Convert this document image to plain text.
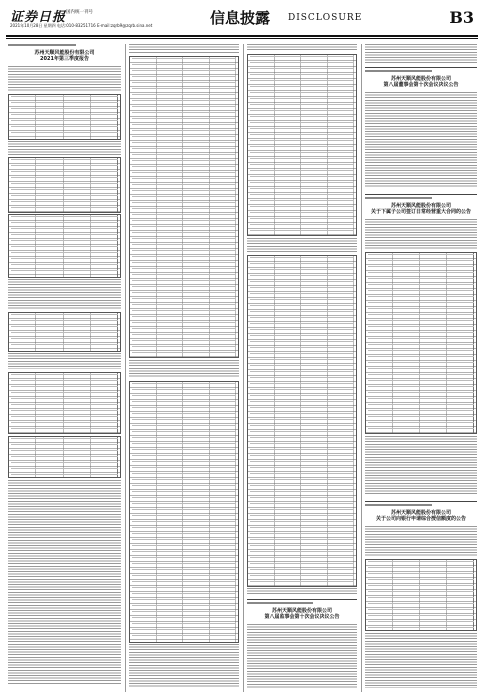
证券日报 国内统一刊号
2021年10月28日 星期四 电话:010-83251716 E-mail:zqrb9@zqrb.sina.net	信息披露 DISCLOSURE	B3
苏州天顺风能股份有限公司
2021年第三季度报告
苏州天顺风能股份有限公司
第八届监事会第十次会议决议公告
苏州天顺风能股份有限公司
第八届董事会第十次会议决议公告
苏州天顺风能股份有限公司
关于下属子公司签订日常经营重大合同的公告
苏州天顺风能股份有限公司
关于公司向银行申请综合授信额度的公告
